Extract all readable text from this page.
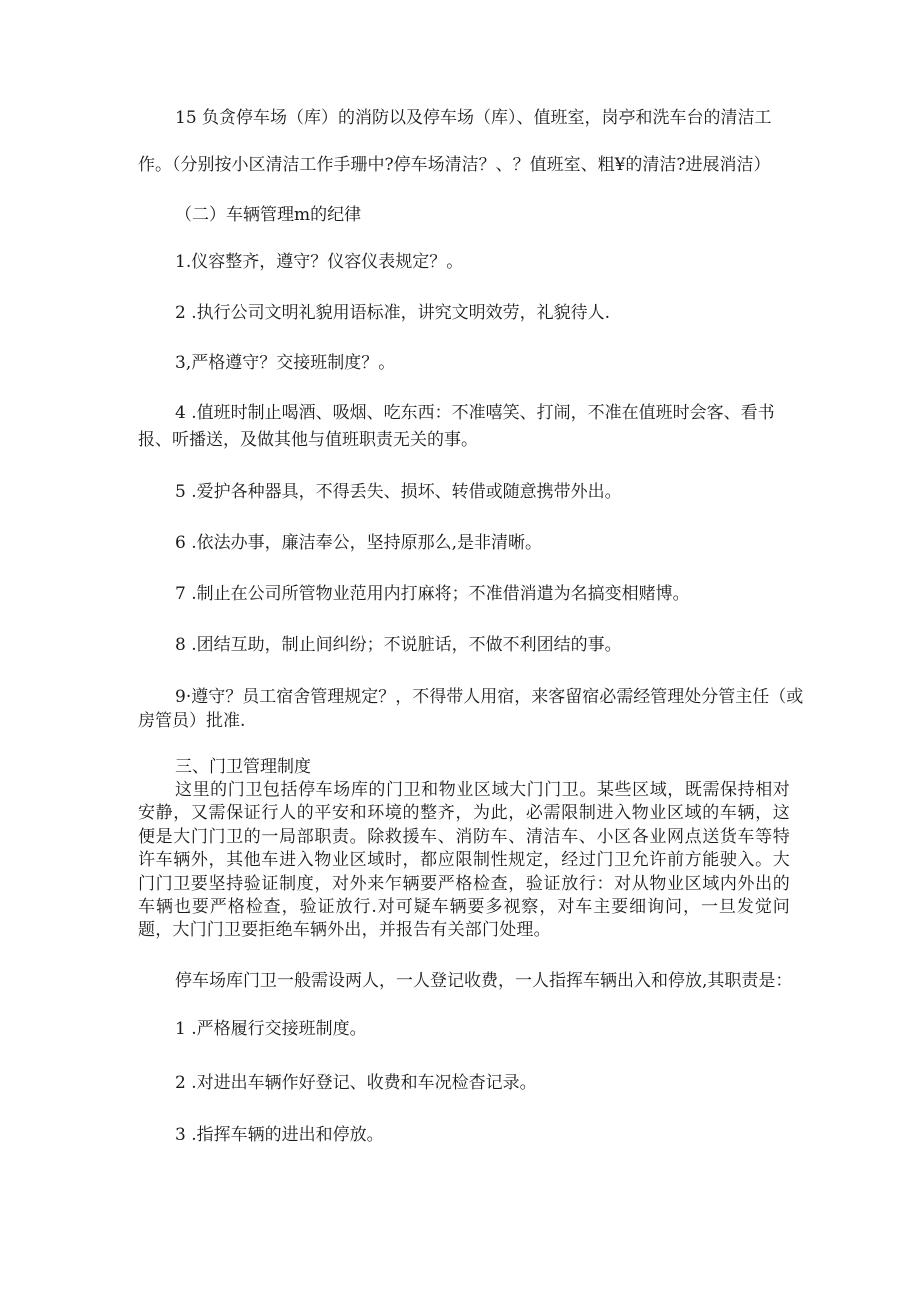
15 负贪停车场（库）的消防以及停车场（库）、值班室，岗亭和洗车台的清洁工

作。（分别按小区清洁工作手珊中?停车场清洁？、？值班室、粗¥的清洁?进展消洁）

（二）车辆管理m的纪律

1.仪容整齐，遵守？仪容仪表规定？。

2 .执行公司文明礼貌用语标准，讲究文明效劳，礼貌待人.

3,严格遵守？交接班制度？。

4 .值班时制止喝酒、吸烟、吃东西：不准嘻笑、打闹，不准在值班时会客、看书

报、听播送，及做其他与值班职责无关的事。

5 .爱护各种器具，不得丢失、损坏、转借或随意携带外出。

6 .依法办事，廉洁奉公，坚持原那么,是非清晰。

7 .制止在公司所管物业范用内打麻将；不准借消遣为名搞变相赌博。

8 .团结互助，制止间纠纷；不说脏话，不做不利团结的事。

9·遵守？员工宿舍管理规定？，不得带人用宿，来客留宿必需经管理处分管主任（或

房管员）批准.

三、门卫管理制度

这里的门卫包括停车场库的门卫和物业区域大门门卫。某些区域，既需保持相对安静，又需保证行人的平安和环境的整齐，为此，必需限制进入物业区域的车辆，这便是大门门卫的一局部职责。除救援车、消防车、清洁车、小区各业网点送货车等特许车辆外，其他车进入物业区域时，都应限制性规定，经过门卫允许前方能驶入。大门门卫要坚持验证制度，对外来乍辆要严格检查，验证放行：对从物业区域内外出的车辆也要严格检查，验证放行.对可疑车辆要多视察，对车主要细询问，一旦发觉问题，大门门卫要拒绝车辆外出，并报告有关部门处理。

停车场库门卫一般需设两人，一人登记收费，一人指挥车辆出入和停放,其职责是：

1 .严格履行交接班制度。

2 .对进出车辆作好登记、收费和车况检杳记录。

3 .指挥车辆的进出和停放。
